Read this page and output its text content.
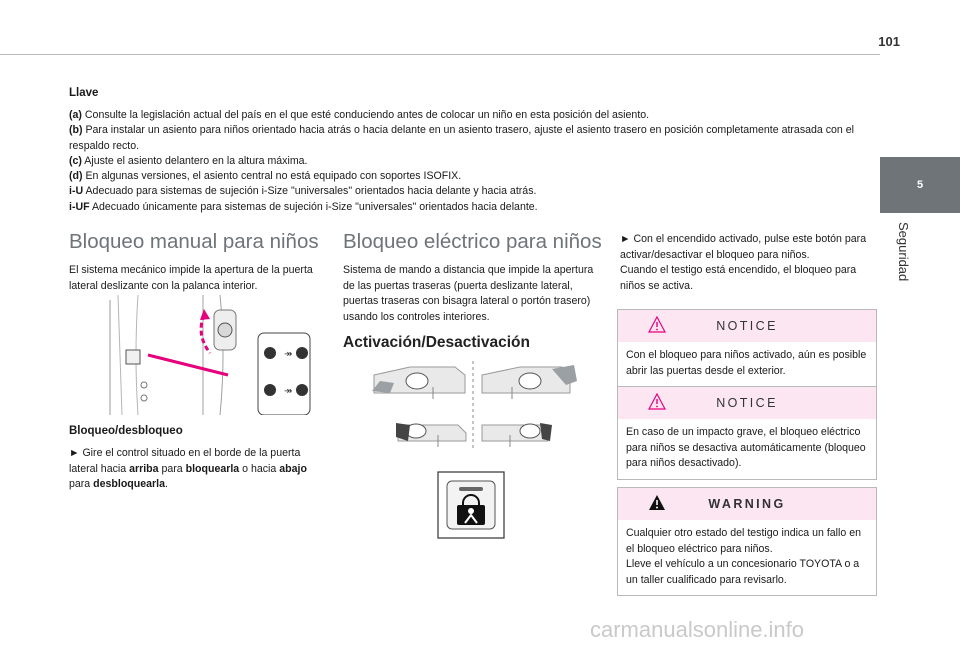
101
5
Seguridad
Llave

(a) Consulte la legislación actual del país en el que esté conduciendo antes de colocar un niño en esta posición del asiento.

(b) Para instalar un asiento para niños orientado hacia atrás o hacia delante en un asiento trasero, ajuste el asiento trasero en posición completamente atrasada con el respaldo recto.

(c) Ajuste el asiento delantero en la altura máxima.

(d) En algunas versiones, el asiento central no está equipado con soportes ISOFIX.

i-U Adecuado para sistemas de sujeción i-Size "universales" orientados hacia delante y hacia atrás.

i-UF Adecuado únicamente para sistemas de sujeción i-Size "universales" orientados hacia delante.

Bloqueo manual para niños
El sistema mecánico impide la apertura de la puerta lateral deslizante con la palanca interior.
↠
↠
Bloqueo/desbloqueo
► Gire el control situado en el borde de la puerta lateral hacia arriba para bloquearla o hacia abajo para desbloquearla.
Bloqueo eléctrico para niños
Sistema de mando a distancia que impide la apertura de las puertas traseras (puerta deslizante lateral, puertas traseras con bisagra lateral o portón trasero) usando los controles interiores.
Activación/Desactivación

► Con el encendido activado, pulse este botón para activar/desactivar el bloqueo para niños.

Cuando el testigo está encendido, el bloqueo para niños se activa.

NOTICE

Con el bloqueo para niños activado, aún es posible abrir las puertas desde el exterior.

NOTICE

En caso de un impacto grave, el bloqueo eléctrico para niños se desactiva automáticamente (bloqueo para niños desactivado).

WARNING

Cualquier otro estado del testigo indica un fallo en el bloqueo eléctrico para niños.

Lleve el vehículo a un concesionario TOYOTA o a un taller cualificado para revisarlo.

carmanualsonline.info
